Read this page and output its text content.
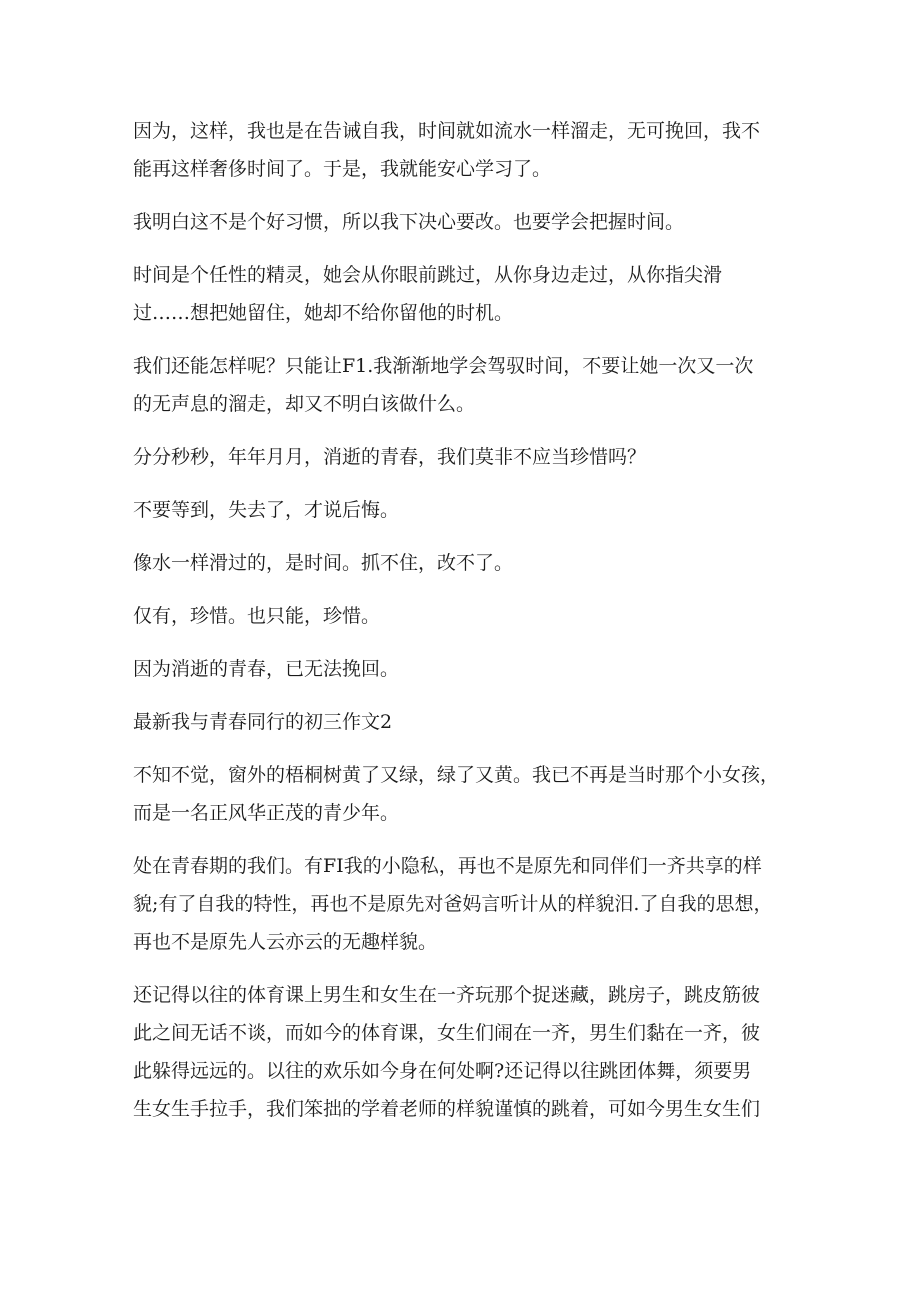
因为，这样，我也是在告诫自我，时间就如流水一样溜走，无可挽回，我不
能再这样奢侈时间了。于是，我就能安心学习了。
我明白这不是个好习惯，所以我下决心要改。也要学会把握时间。
时间是个任性的精灵，她会从你眼前跳过，从你身边走过，从你指尖滑
过……想把她留住，她却不给你留他的时机。
我们还能怎样呢？只能让F1.我渐渐地学会驾驭时间，不要让她一次又一次
的无声息的溜走，却又不明白该做什么。
分分秒秒，年年月月，消逝的青春，我们莫非不应当珍惜吗？
不要等到，失去了，才说后悔。
像水一样滑过的，是时间。抓不住，改不了。
仅有，珍惜。也只能，珍惜。
因为消逝的青春，已无法挽回。
最新我与青春同行的初三作文2
不知不觉，窗外的梧桐树黄了又绿，绿了又黄。我已不再是当时那个小女孩，
而是一名正风华正茂的青少年。
处在青春期的我们。有FI我的小隐私，再也不是原先和同伴们一齐共享的样
貌;有了自我的特性，再也不是原先对爸妈言听计从的样貌汨.了自我的思想，
再也不是原先人云亦云的无趣样貌。
还记得以往的体育课上男生和女生在一齐玩那个捉迷藏，跳房子，跳皮筋彼
此之间无话不谈，而如今的体育课，女生们闹在一齐，男生们黏在一齐，彼
此躲得远远的。以往的欢乐如今身在何处啊?还记得以往跳团体舞，须要男
生女生手拉手，我们笨拙的学着老师的样貌谨慎的跳着，可如今男生女生们
